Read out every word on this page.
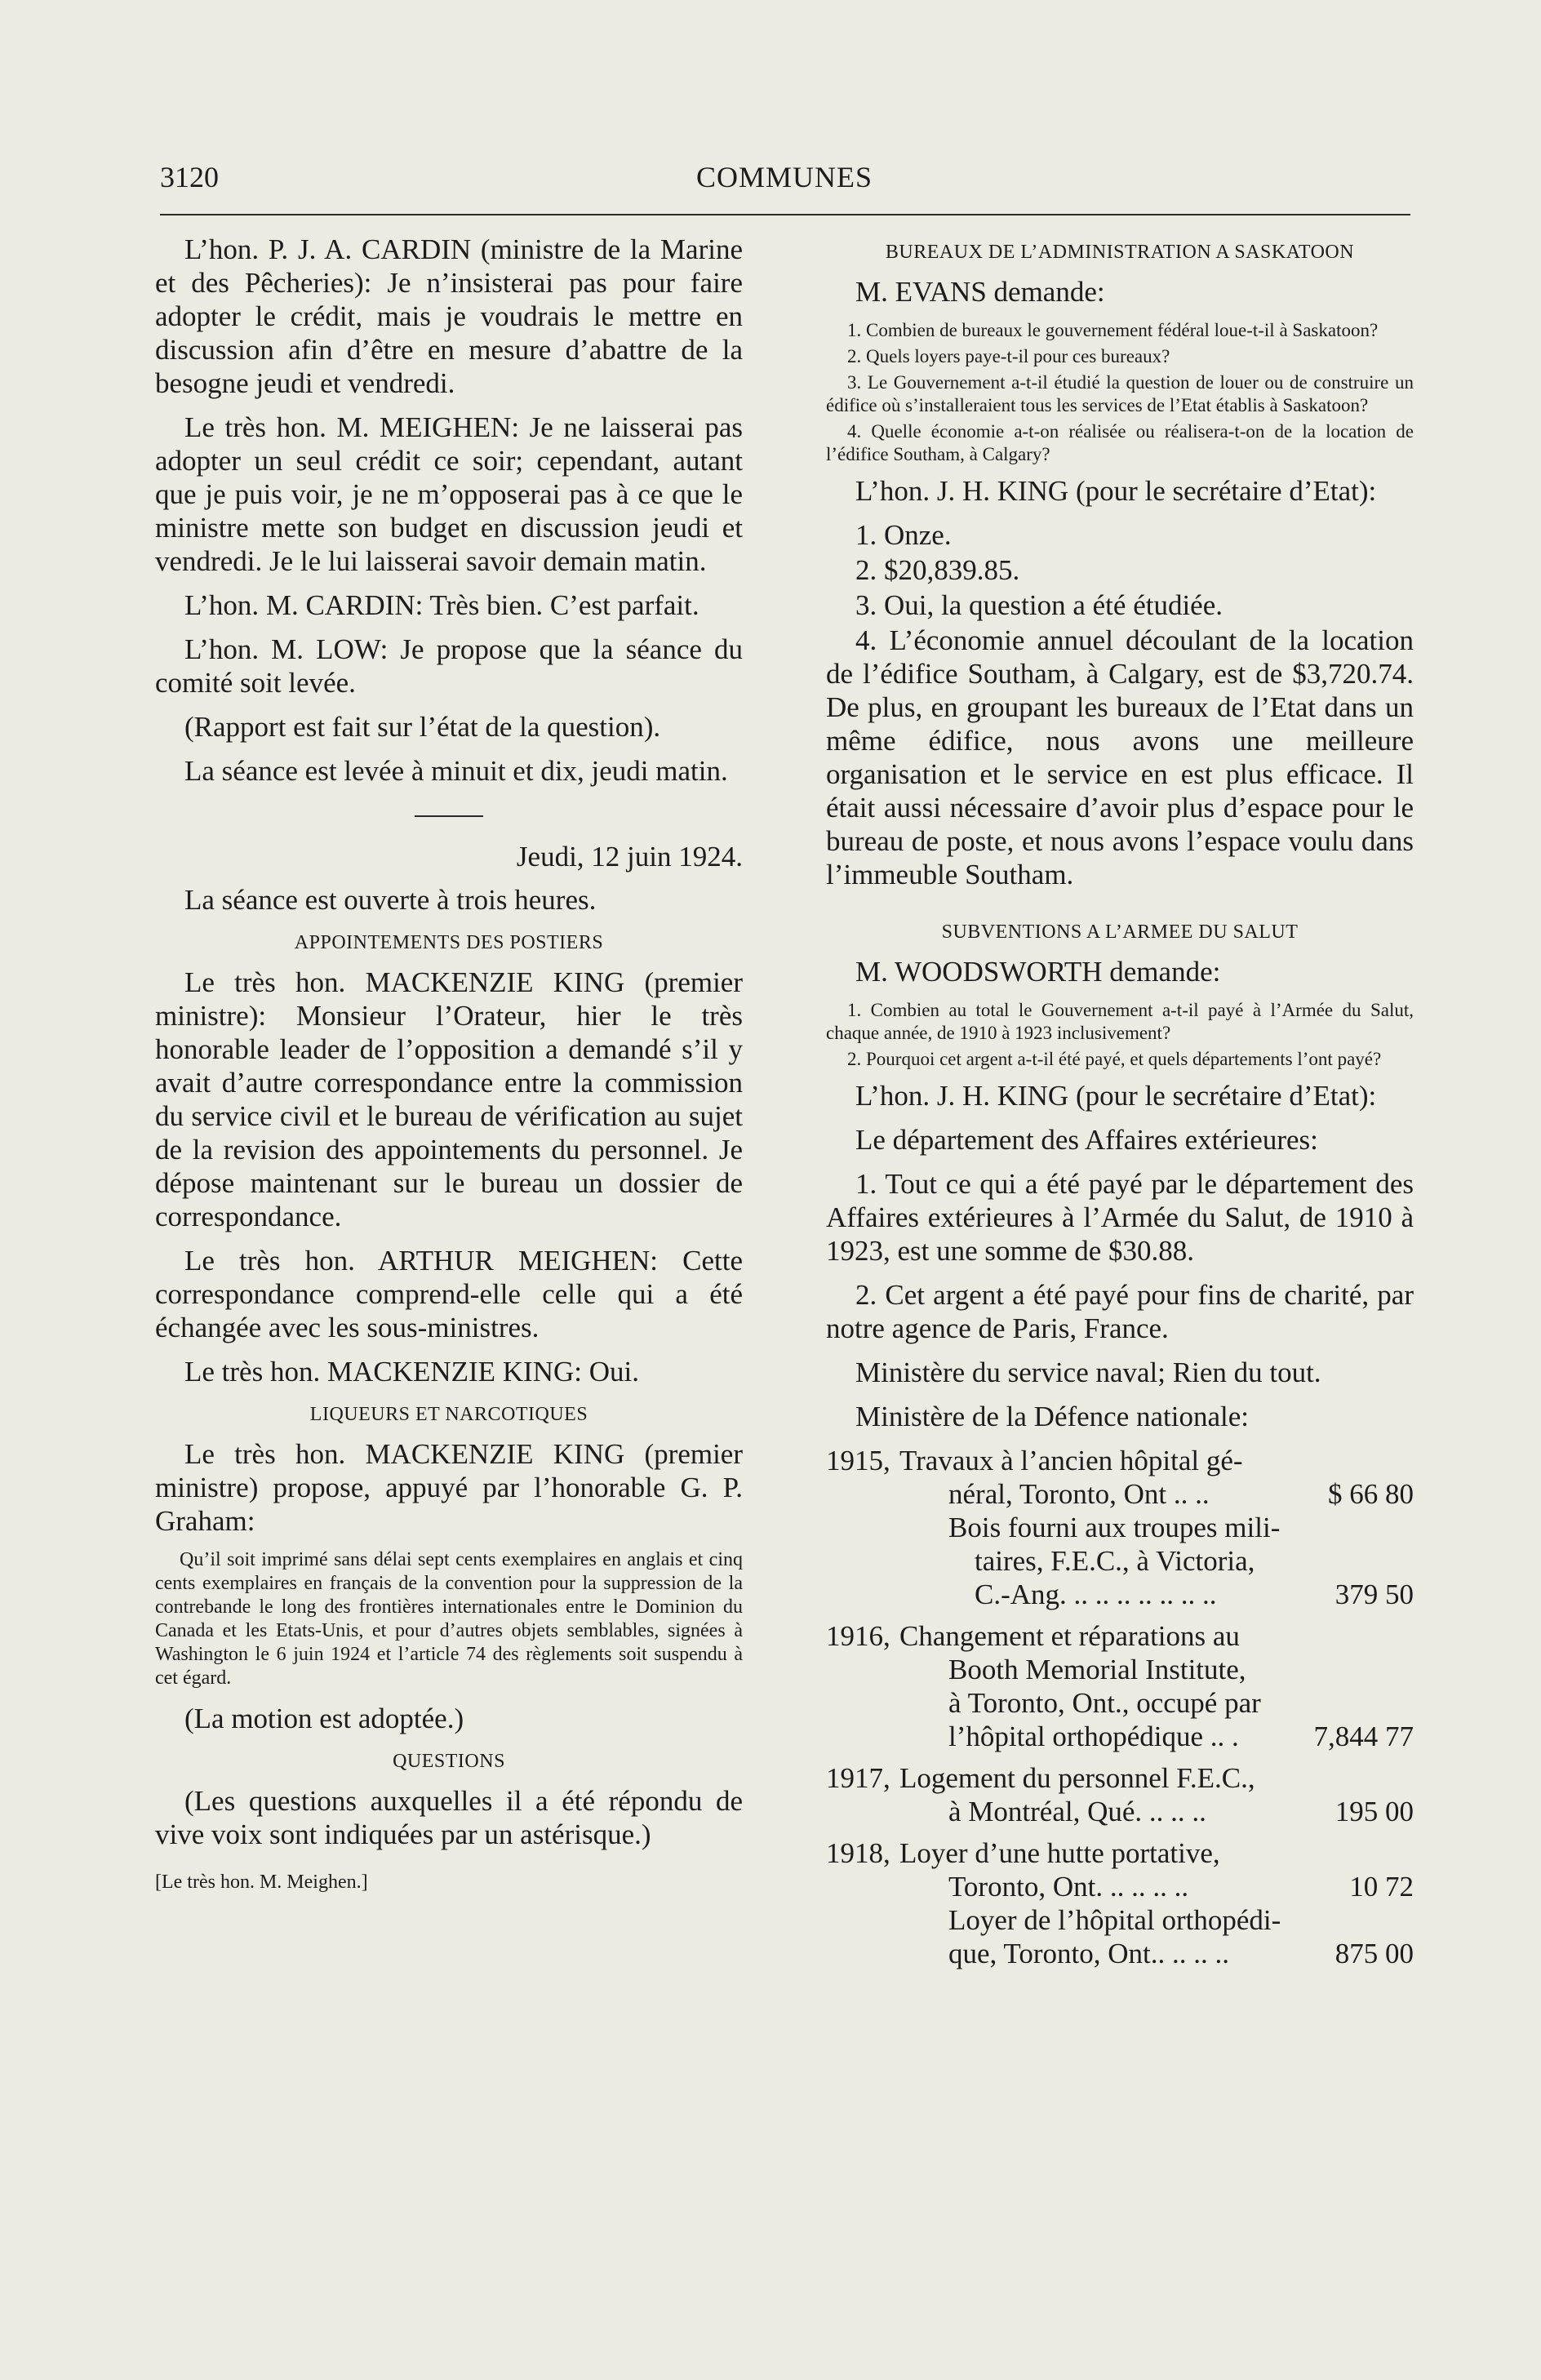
3120	COMMUNES

L’hon. P. J. A. CARDIN (ministre de la Marine et des Pêcheries): Je n’insisterai pas pour faire adopter le crédit, mais je voudrais le mettre en discussion afin d’être en mesure d’abattre de la besogne jeudi et vendredi.

Le très hon. M. MEIGHEN: Je ne laisserai pas adopter un seul crédit ce soir; cependant, autant que je puis voir, je ne m’opposerai pas à ce que le ministre mette son budget en discussion jeudi et vendredi. Je le lui laisserai savoir demain matin.

L’hon. M. CARDIN: Très bien. C’est parfait.

L’hon. M. LOW: Je propose que la séance du comité soit levée.

(Rapport est fait sur l’état de la question).

La séance est levée à minuit et dix, jeudi matin.

Jeudi, 12 juin 1924.

La séance est ouverte à trois heures.

APPOINTEMENTS DES POSTIERS

Le très hon. MACKENZIE KING (premier ministre): Monsieur l’Orateur, hier le très honorable leader de l’opposition a demandé s’il y avait d’autre correspondance entre la commission du service civil et le bureau de vérification au sujet de la revision des appointements du personnel. Je dépose maintenant sur le bureau un dossier de correspondance.

Le très hon. ARTHUR MEIGHEN: Cette correspondance comprend-elle celle qui a été échangée avec les sous-ministres.

Le très hon. MACKENZIE KING: Oui.

LIQUEURS ET NARCOTIQUES

Le très hon. MACKENZIE KING (premier ministre) propose, appuyé par l’honorable G. P. Graham:

Qu’il soit imprimé sans délai sept cents exemplaires en anglais et cinq cents exemplaires en français de la convention pour la suppression de la contrebande le long des frontières internationales entre le Dominion du Canada et les Etats-Unis, et pour d’autres objets semblables, signées à Washington le 6 juin 1924 et l’article 74 des règlements soit suspendu à cet égard.

(La motion est adoptée.)

QUESTIONS

(Les questions auxquelles il a été répondu de vive voix sont indiquées par un astérisque.)

[Le très hon. M. Meighen.]

BUREAUX DE L’ADMINISTRATION A SASKATOON

M. EVANS demande:

1. Combien de bureaux le gouvernement fédéral loue-t-il à Saskatoon?

2. Quels loyers paye-t-il pour ces bureaux?

3. Le Gouvernement a-t-il étudié la question de louer ou de construire un édifice où s’installeraient tous les services de l’Etat établis à Saskatoon?

4. Quelle économie a-t-on réalisée ou réalisera-t-on de la location de l’édifice Southam, à Calgary?

L’hon. J. H. KING (pour le secrétaire d’Etat):

1. Onze.

2. $20,839.85.

3. Oui, la question a été étudiée.

4. L’économie annuel découlant de la location de l’édifice Southam, à Calgary, est de $3,720.74. De plus, en groupant les bureaux de l’Etat dans un même édifice, nous avons une meilleure organisation et le service en est plus efficace. Il était aussi nécessaire d’avoir plus d’espace pour le bureau de poste, et nous avons l’espace voulu dans l’immeuble Southam.

SUBVENTIONS A L’ARMEE DU SALUT

M. WOODSWORTH demande:

1. Combien au total le Gouvernement a-t-il payé à l’Armée du Salut, chaque année, de 1910 à 1923 inclusivement?

2. Pourquoi cet argent a-t-il été payé, et quels départements l’ont payé?

L’hon. J. H. KING (pour le secrétaire d’Etat):

Le département des Affaires extérieures:

1. Tout ce qui a été payé par le département des Affaires extérieures à l’Armée du Salut, de 1910 à 1923, est une somme de $30.88.

2. Cet argent a été payé pour fins de charité, par notre agence de Paris, France.

Ministère du service naval; Rien du tout.

Ministère de la Défence nationale:

1915, Travaux à l’ancien hôpital gé-
néral, Toronto, Ont .. ..	$ 66 80
Bois fourni aux troupes mili-
taires, F.E.C., à Victoria,
C.-Ang. .. .. .. .. .. .. ..	379 50
1916, Changement et réparations au
Booth Memorial Institute,
à Toronto, Ont., occupé par
l’hôpital orthopédique .. .	7,844 77
1917, Logement du personnel F.E.C.,
à Montréal, Qué. .. .. ..	195 00
1918, Loyer d’une hutte portative,
Toronto, Ont. .. .. .. ..	10 72
Loyer de l’hôpital orthopédi-
que, Toronto, Ont.. .. .. ..	875 00
